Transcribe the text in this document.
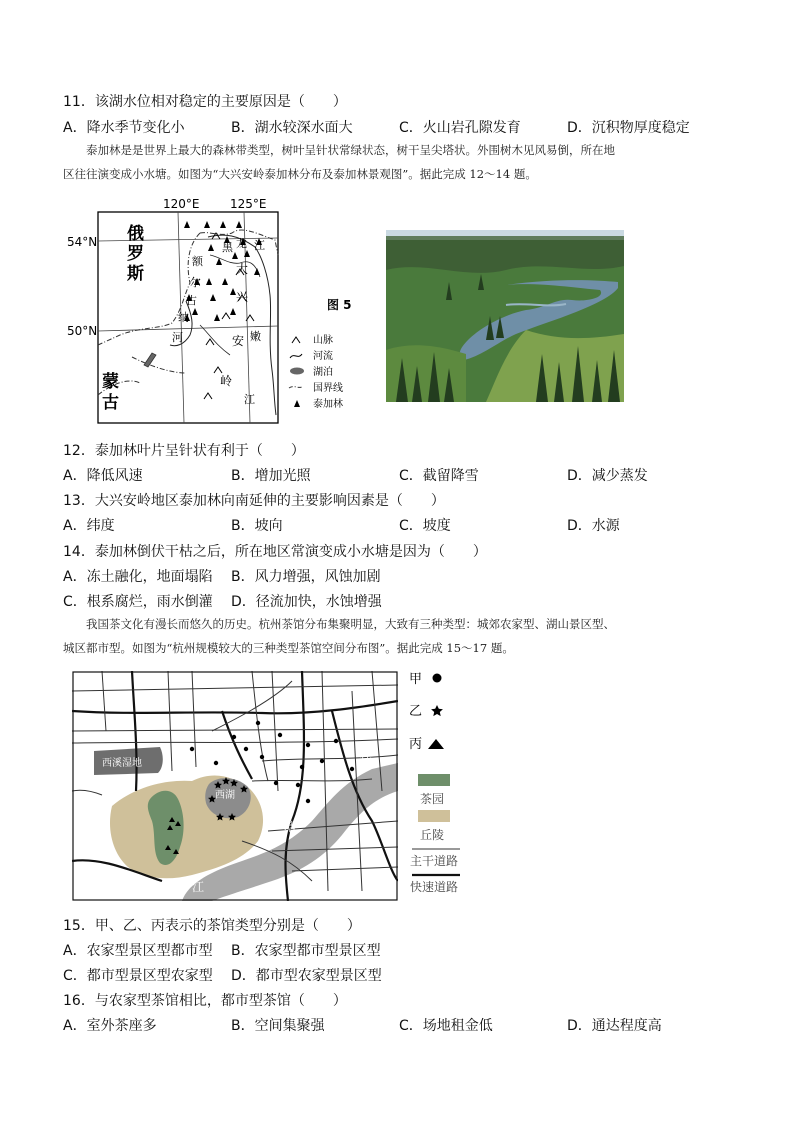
11．该湖水位相对稳定的主要原因是（　　）
A．降水季节变化小	B．湖水较深水面大	C．火山岩孔隙发育	D．沉积物厚度稳定
　　泰加林是是世界上最大的森林带类型，树叶呈针状常绿状态，树干呈尖塔状。外围树木见风易倒，所在地
区往往演变成小水塘。如图为“大兴安岭泰加林分布及泰加林景观图”。据此完成 12～14 题。
120°E	125°E
54°N
50°N
俄
罗
斯
蒙
古
黑 龙 江
额
尔
古
纳
河
大
兴
安
岭
嫩
江
图 5
山脉
河流
湖泊
国界线
泰加林
12．泰加林叶片呈针状有利于（　　）
A．降低风速	B．增加光照	C．截留降雪	D．减少蒸发
13．大兴安岭地区泰加林向南延伸的主要影响因素是（　　）
A．纬度	B．坡向	C．坡度	D．水源
14．泰加林倒伏干枯之后，所在地区常演变成小水塘是因为（　　）
A．冻土融化，地面塌陷 B．风力增强，风蚀加剧
C．根系腐烂，雨水倒灌 D．径流加快，水蚀增强
　　我国茶文化有漫长而悠久的历史。杭州茶馆分布集聚明显，大致有三种类型：城郊农家型、湖山景区型、
城区都市型。如图为“杭州规模较大的三种类型茶馆空间分布图”。据此完成 15～17 题。
西溪湿地
西湖
钱
塘
江
甲
乙
丙
茶园
丘陵
主干道路
快速道路
15．甲、乙、丙表示的茶馆类型分别是（　　）
A．农家型景区型都市型 B．农家型都市型景区型
C．都市型景区型农家型 D．都市型农家型景区型
16．与农家型茶馆相比，都市型茶馆（　　）
A．室外茶座多	B．空间集聚强	C．场地租金低	D．通达程度高
